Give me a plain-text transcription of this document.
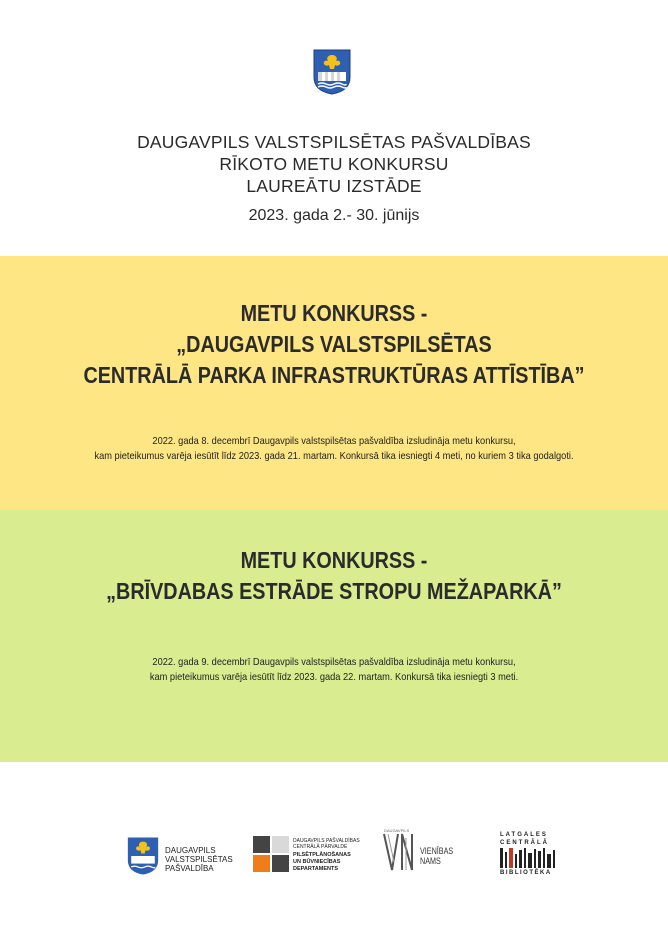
DAUGAVPILS VALSTSPILSĒTAS PAŠVALDĪBAS
RĪKOTO METU KONKURSU
LAUREĀTU IZSTĀDE
2023. gada 2.- 30. jūnijs
METU KONKURSS -
„DAUGAVPILS VALSTSPILSĒTAS
CENTRĀLĀ PARKA INFRASTRUKTŪRAS ATTĪSTĪBA”
2022. gada 8. decembrī Daugavpils valstspilsētas pašvaldība izsludināja metu konkursu,
kam pieteikumus varēja iesūtīt līdz 2023. gada 21. martam. Konkursā tika iesniegti 4 meti, no kuriem 3 tika godalgoti.
METU KONKURSS -
„BRĪVDABAS ESTRĀDE STROPU MEŽAPARKĀ”
2022. gada 9. decembrī Daugavpils valstspilsētas pašvaldība izsludināja metu konkursu,
kam pieteikumus varēja iesūtīt līdz 2023. gada 22. martam. Konkursā tika iesniegti 3 meti.
DAUGAVPILS
VALSTSPILSĒTAS
PAŠVALDĪBA
DAUGAVPILS PAŠVALDĪBAS
CENTRĀLĀ PĀRVALDE
PILSĒTPLĀNOŠANAS
UN BŪVNIECĪBAS
DEPARTAMENTS
DAUGAVPILS
VIENĪBAS NAMS
LATGALES
CENTRĀLĀ
BIBLIOTĒKA
